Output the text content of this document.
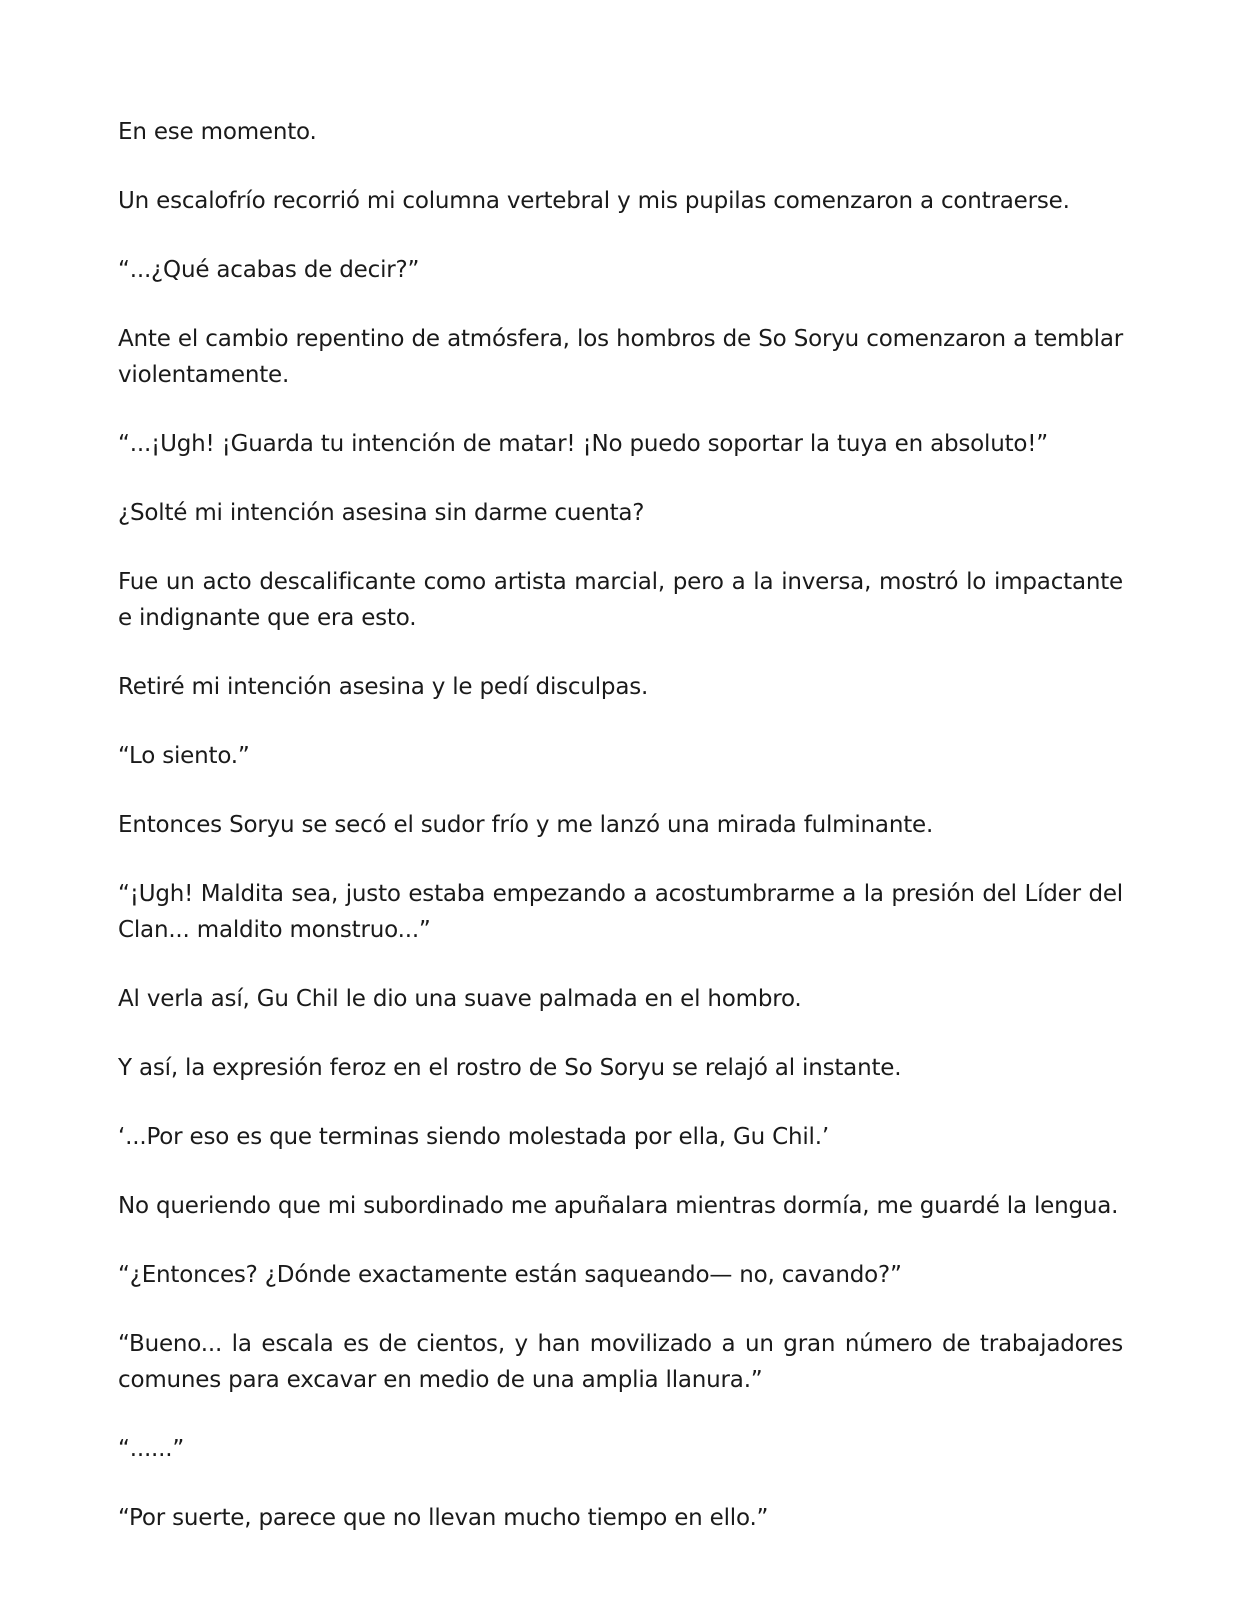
En ese momento.

Un escalofrío recorrió mi columna vertebral y mis pupilas comenzaron a contraerse.

“...¿Qué acabas de decir?”

Ante el cambio repentino de atmósfera, los hombros de So Soryu comenzaron a temblar violentamente.

“...¡Ugh! ¡Guarda tu intención de matar! ¡No puedo soportar la tuya en absoluto!”

¿Solté mi intención asesina sin darme cuenta?

Fue un acto descalificante como artista marcial, pero a la inversa, mostró lo impactante e indignante que era esto.

Retiré mi intención asesina y le pedí disculpas.

“Lo siento.”

Entonces Soryu se secó el sudor frío y me lanzó una mirada fulminante.

“¡Ugh! Maldita sea, justo estaba empezando a acostumbrarme a la presión del Líder del Clan... maldito monstruo...”

Al verla así, Gu Chil le dio una suave palmada en el hombro.

Y así, la expresión feroz en el rostro de So Soryu se relajó al instante.

‘...Por eso es que terminas siendo molestada por ella, Gu Chil.’

No queriendo que mi subordinado me apuñalara mientras dormía, me guardé la lengua.

“¿Entonces? ¿Dónde exactamente están saqueando— no, cavando?”

“Bueno... la escala es de cientos, y han movilizado a un gran número de trabajadores comunes para excavar en medio de una amplia llanura.”

“......”

“Por suerte, parece que no llevan mucho tiempo en ello.”
